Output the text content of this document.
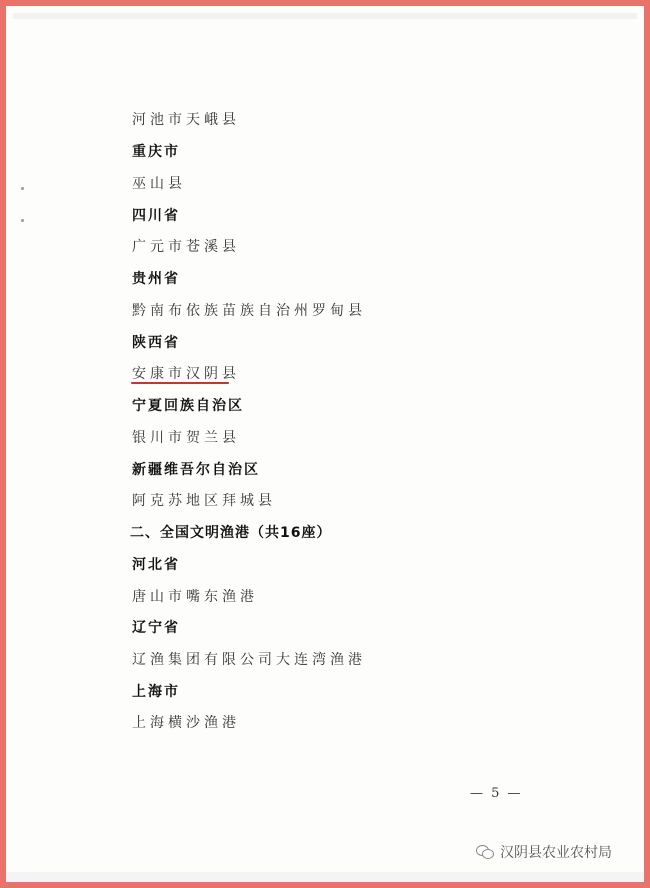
河池市天峨县
重庆市
巫山县
四川省
广元市苍溪县
贵州省
黔南布依族苗族自治州罗甸县
陕西省
安康市汉阴县
宁夏回族自治区
银川市贺兰县
新疆维吾尔自治区
阿克苏地区拜城县
二、全国文明渔港（共16座）
河北省
唐山市嘴东渔港
辽宁省
辽渔集团有限公司大连湾渔港
上海市
上海横沙渔港
— 5 —
汉阴县农业农村局
